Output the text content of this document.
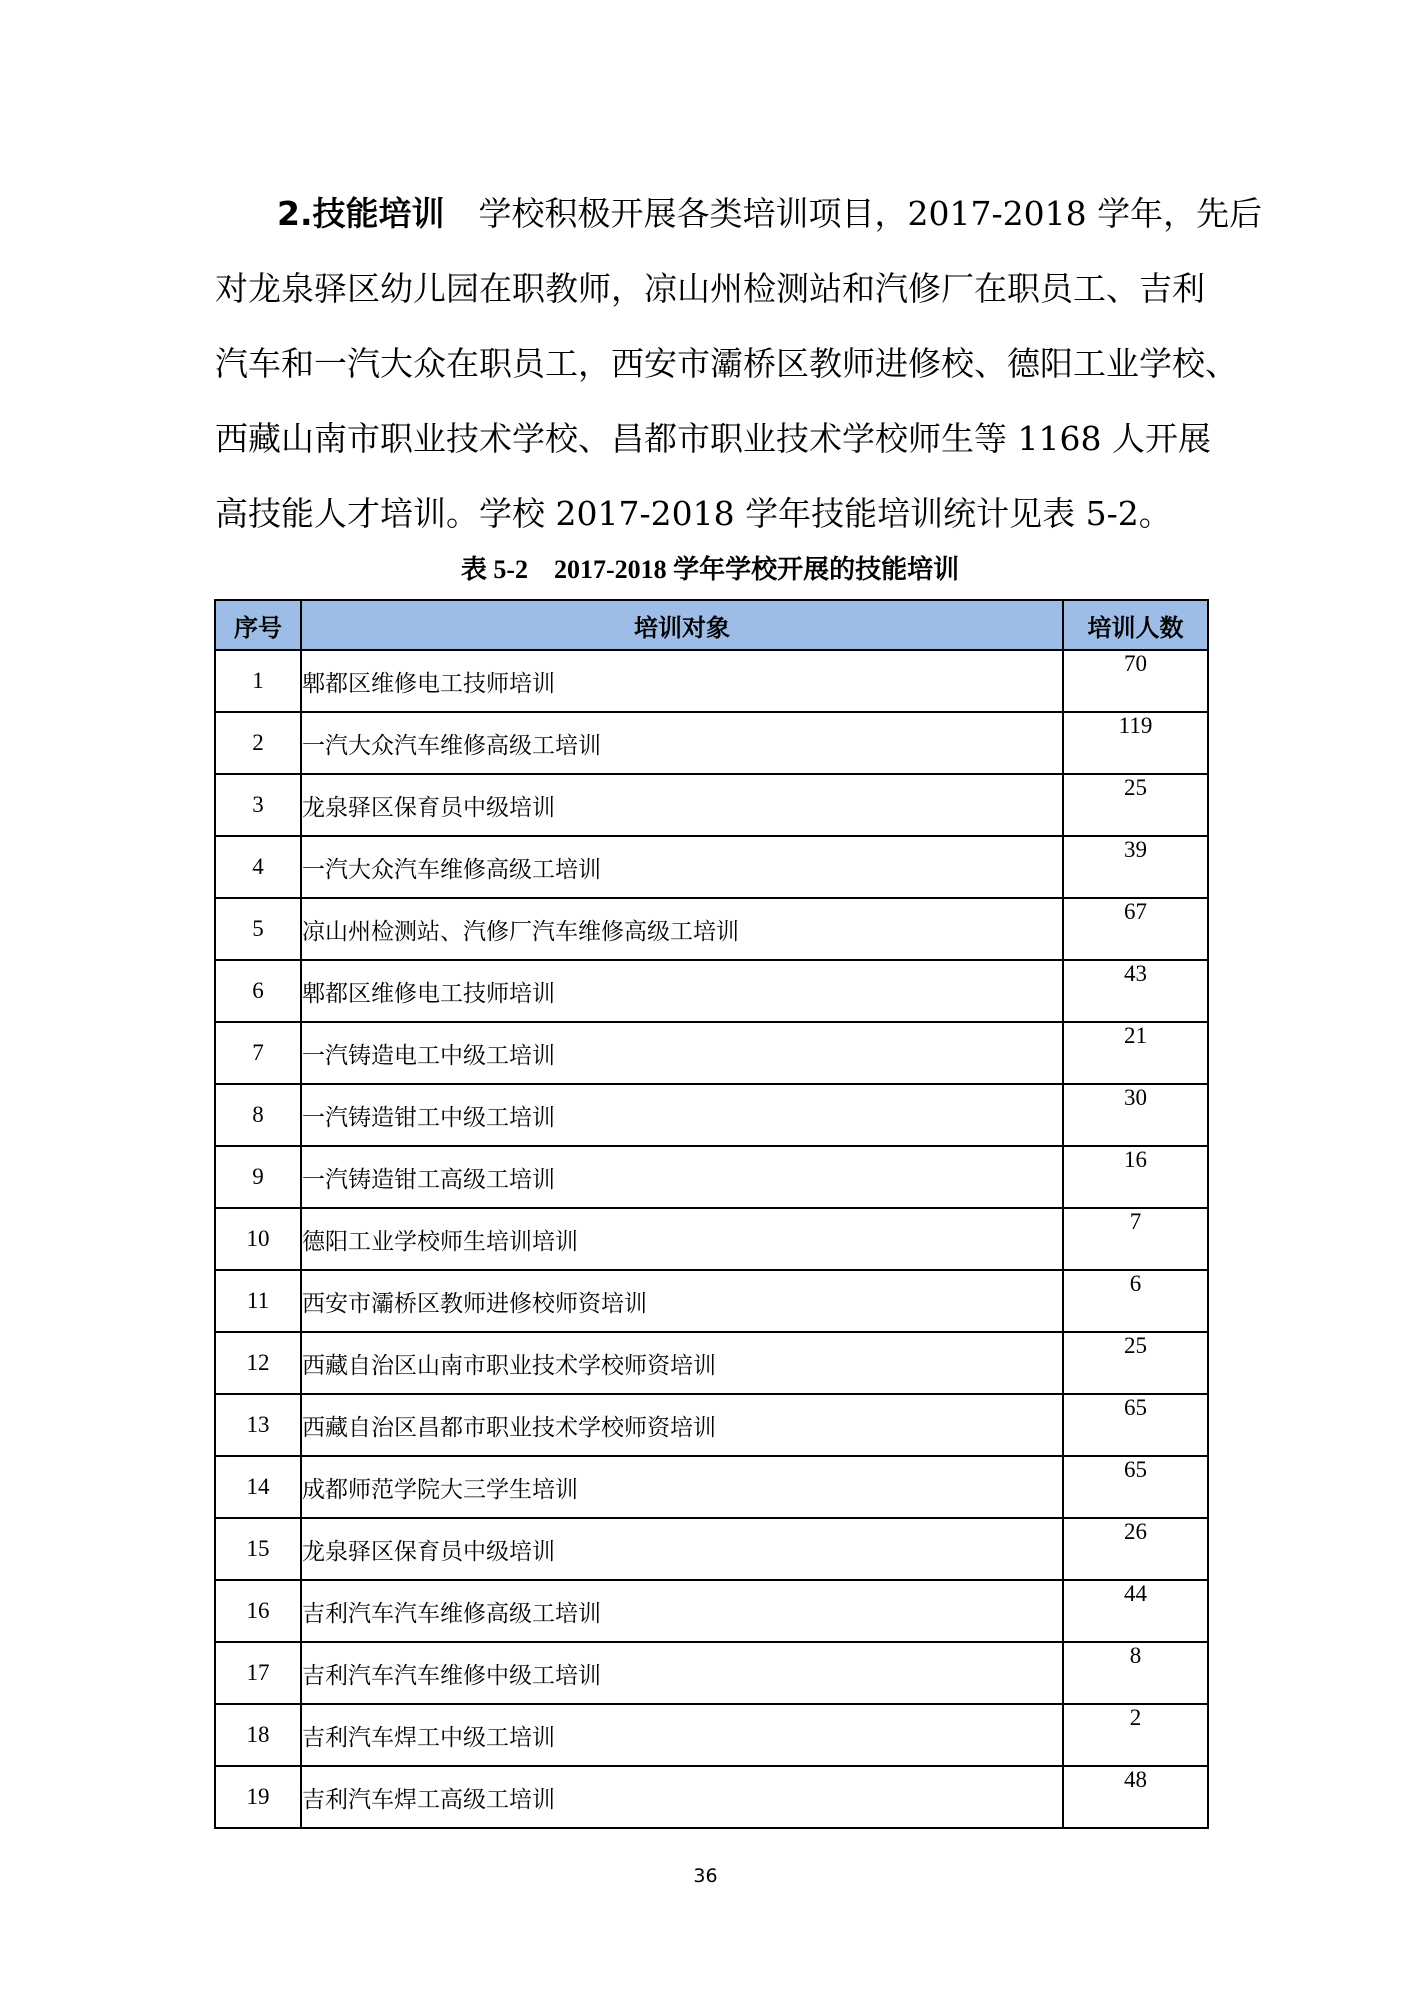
2.技能培训 学校积极开展各类培训项目，2017-2018 学年，先后
对龙泉驿区幼儿园在职教师，凉山州检测站和汽修厂在职员工、吉利
汽车和一汽大众在职员工，西安市灞桥区教师进修校、德阳工业学校、
西藏山南市职业技术学校、昌都市职业技术学校师生等 1168 人开展
高技能人才培训。学校 2017-2018 学年技能培训统计见表 5-2。
表 5-2　2017-2018 学年学校开展的技能培训
序号	培训对象	培训人数
1	郫都区维修电工技师培训	70
2	一汽大众汽车维修高级工培训	119
3	龙泉驿区保育员中级培训	25
4	一汽大众汽车维修高级工培训	39
5	凉山州检测站、汽修厂汽车维修高级工培训	67
6	郫都区维修电工技师培训	43
7	一汽铸造电工中级工培训	21
8	一汽铸造钳工中级工培训	30
9	一汽铸造钳工高级工培训	16
10	德阳工业学校师生培训培训	7
11	西安市灞桥区教师进修校师资培训	6
12	西藏自治区山南市职业技术学校师资培训	25
13	西藏自治区昌都市职业技术学校师资培训	65
14	成都师范学院大三学生培训	65
15	龙泉驿区保育员中级培训	26
16	吉利汽车汽车维修高级工培训	44
17	吉利汽车汽车维修中级工培训	8
18	吉利汽车焊工中级工培训	2
19	吉利汽车焊工高级工培训	48
36
